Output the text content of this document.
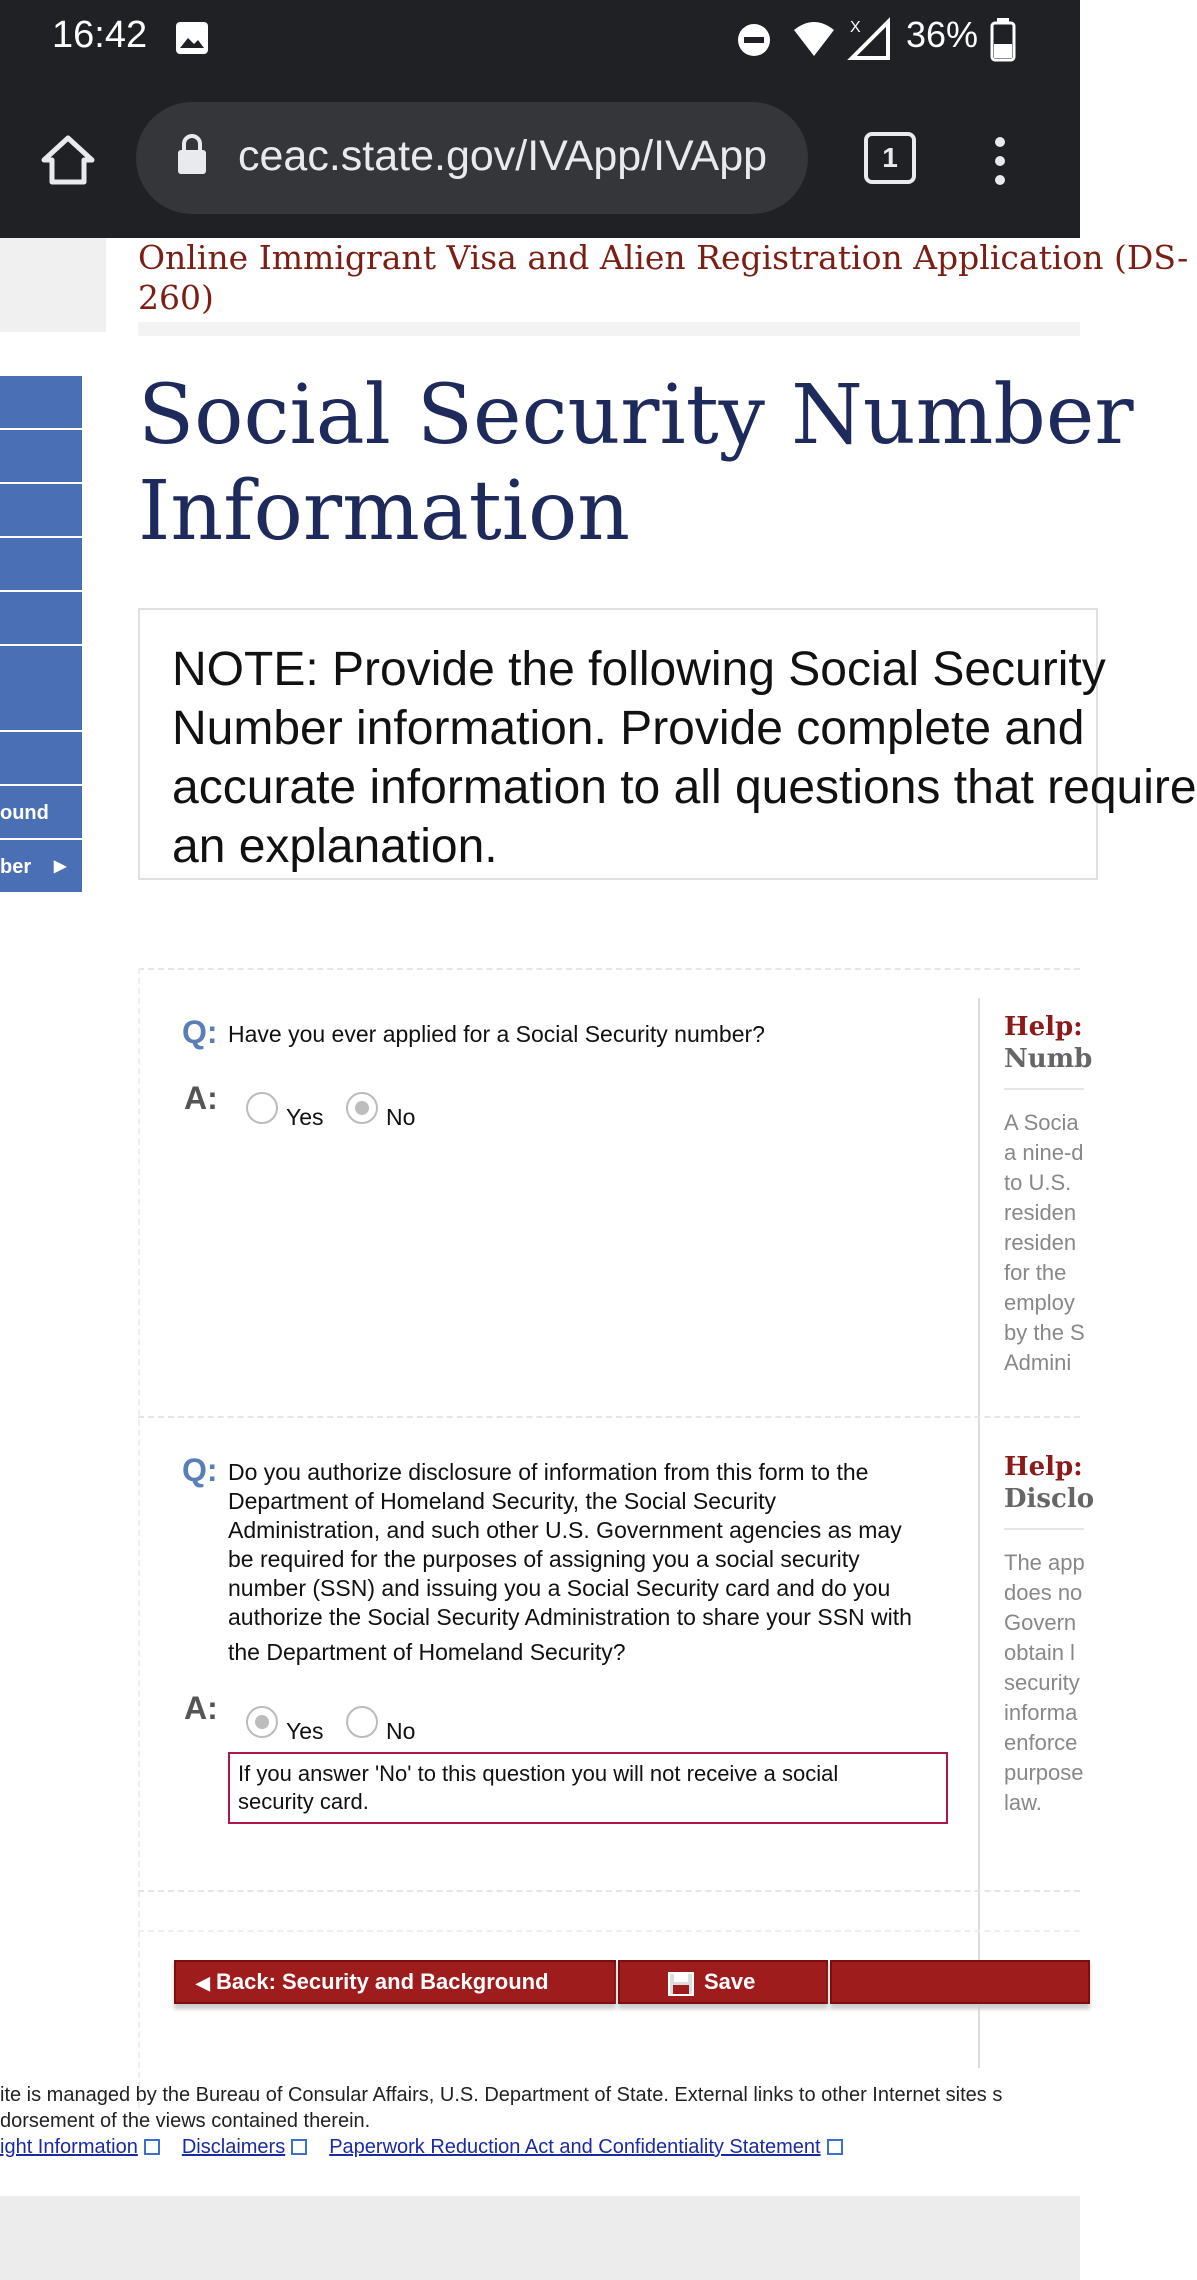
16:42	X 36%
ceac.state.gov/IVApp/IVApp	1
Online Immigrant Visa and Alien Registration Application (DS-
260)
ound
ber ▶
Social Security Number
Information
NOTE: Provide the following Social Security
Number information. Provide complete and
accurate information to all questions that require
an explanation.
Q: Have you ever applied for a Social Security number?
A:
Yes	No
Help:
Numb
A Socia
a nine-d
to U.S.
residen
residen
for the
employ
by the S
Admini
Q: Do you authorize disclosure of information from this form to the
Department of Homeland Security, the Social Security
Administration, and such other U.S. Government agencies as may
be required for the purposes of assigning you a social security
number (SSN) and issuing you a Social Security card and do you
authorize the Social Security Administration to share your SSN with
the Department of Homeland Security?
A:
Yes	No
If you answer 'No' to this question you will not receive a social
security card.
Help:
Disclo
The app
does no
Govern
obtain l
security
informa
enforce
purpose
law.
◀ Back: Security and Background	Save
ite is managed by the Bureau of Consular Affairs, U.S. Department of State. External links to other Internet sites s
dorsement of the views contained therein.
ight Information Disclaimers Paperwork Reduction Act and Confidentiality Statement
